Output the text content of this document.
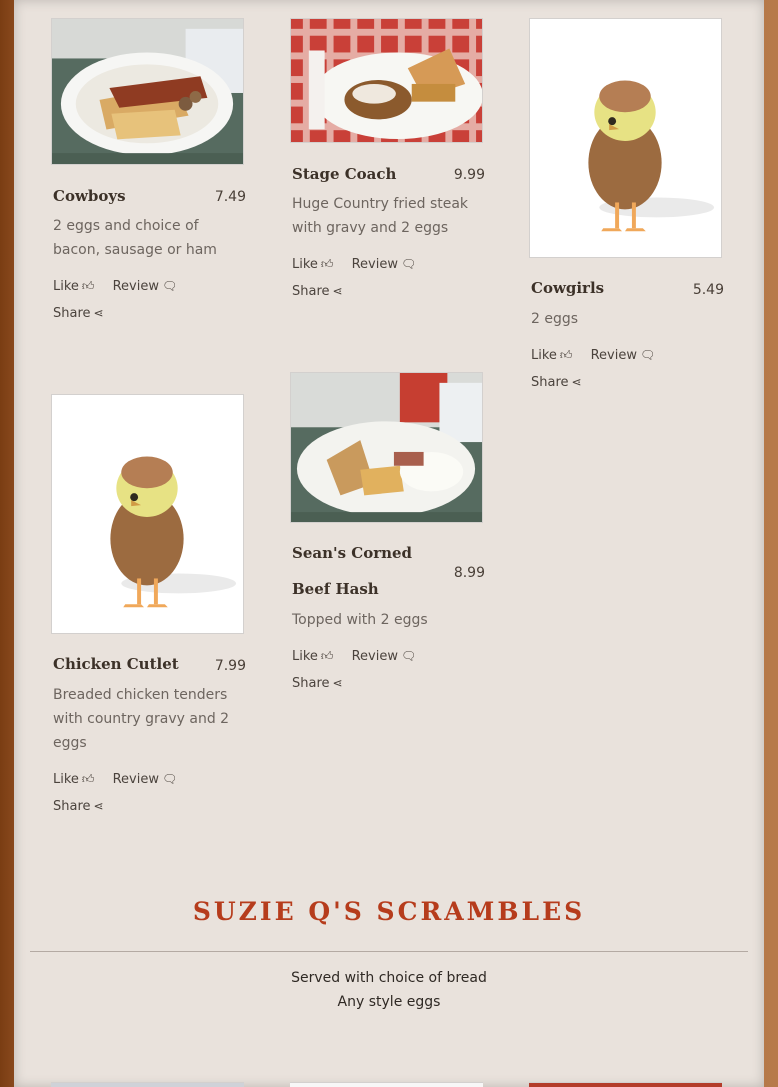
Cowboys	7.49
2 eggs and choice of bacon, sausage or ham
Like 👍︎ Review 🗨︎
Share ⋖
Stage Coach	9.99
Huge Country fried steak with gravy and 2 eggs
Like 👍︎ Review 🗨︎
Share ⋖	Cowgirls	5.49
2 eggs
Like 👍︎ Review 🗨︎
Share ⋖
Chicken Cutlet	7.99
Breaded chicken tenders with country gravy and 2 eggs
Like 👍︎ Review 🗨︎
Share ⋖
Sean's Corned Beef Hash
8.99
Topped with 2 eggs
Like 👍︎ Review 🗨︎
Share ⋖
SUZIE Q'S SCRAMBLES
Served with choice of bread
Any style eggs
